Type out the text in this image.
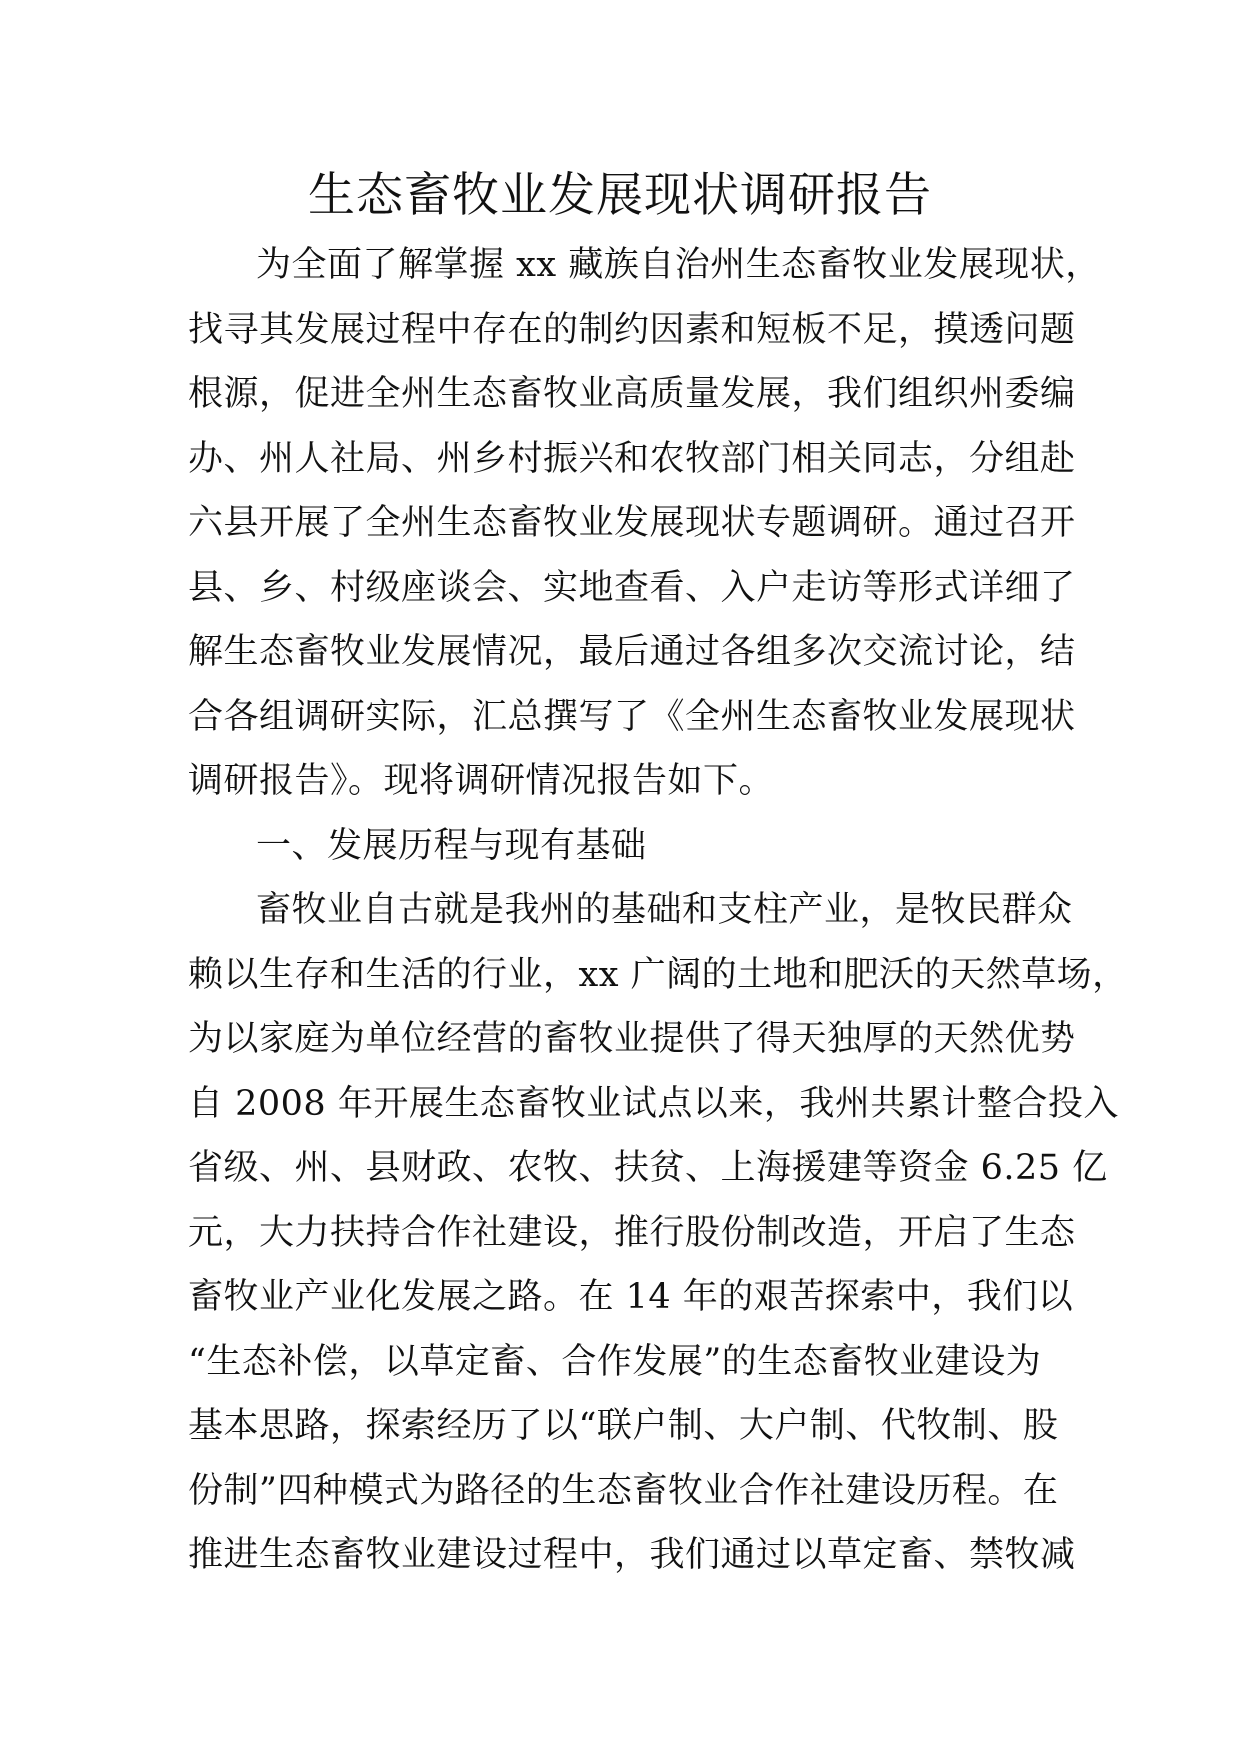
生态畜牧业发展现状调研报告
为全面了解掌握 xx 藏族自治州生态畜牧业发展现状，
找寻其发展过程中存在的制约因素和短板不足，摸透问题
根源，促进全州生态畜牧业高质量发展，我们组织州委编
办、州人社局、州乡村振兴和农牧部门相关同志，分组赴
六县开展了全州生态畜牧业发展现状专题调研。通过召开
县、乡、村级座谈会、实地查看、入户走访等形式详细了
解生态畜牧业发展情况，最后通过各组多次交流讨论，结
合各组调研实际，汇总撰写了《全州生态畜牧业发展现状
调研报告》。现将调研情况报告如下。
一、发展历程与现有基础
畜牧业自古就是我州的基础和支柱产业，是牧民群众
赖以生存和生活的行业，xx 广阔的土地和肥沃的天然草场，
为以家庭为单位经营的畜牧业提供了得天独厚的天然优势
自 2008 年开展生态畜牧业试点以来，我州共累计整合投入
省级、州、县财政、农牧、扶贫、上海援建等资金 6.25 亿
元，大力扶持合作社建设，推行股份制改造，开启了生态
畜牧业产业化发展之路。在 14 年的艰苦探索中，我们以
“生态补偿，以草定畜、合作发展”的生态畜牧业建设为
基本思路，探索经历了以“联户制、大户制、代牧制、股
份制”四种模式为路径的生态畜牧业合作社建设历程。在
推进生态畜牧业建设过程中，我们通过以草定畜、禁牧减
